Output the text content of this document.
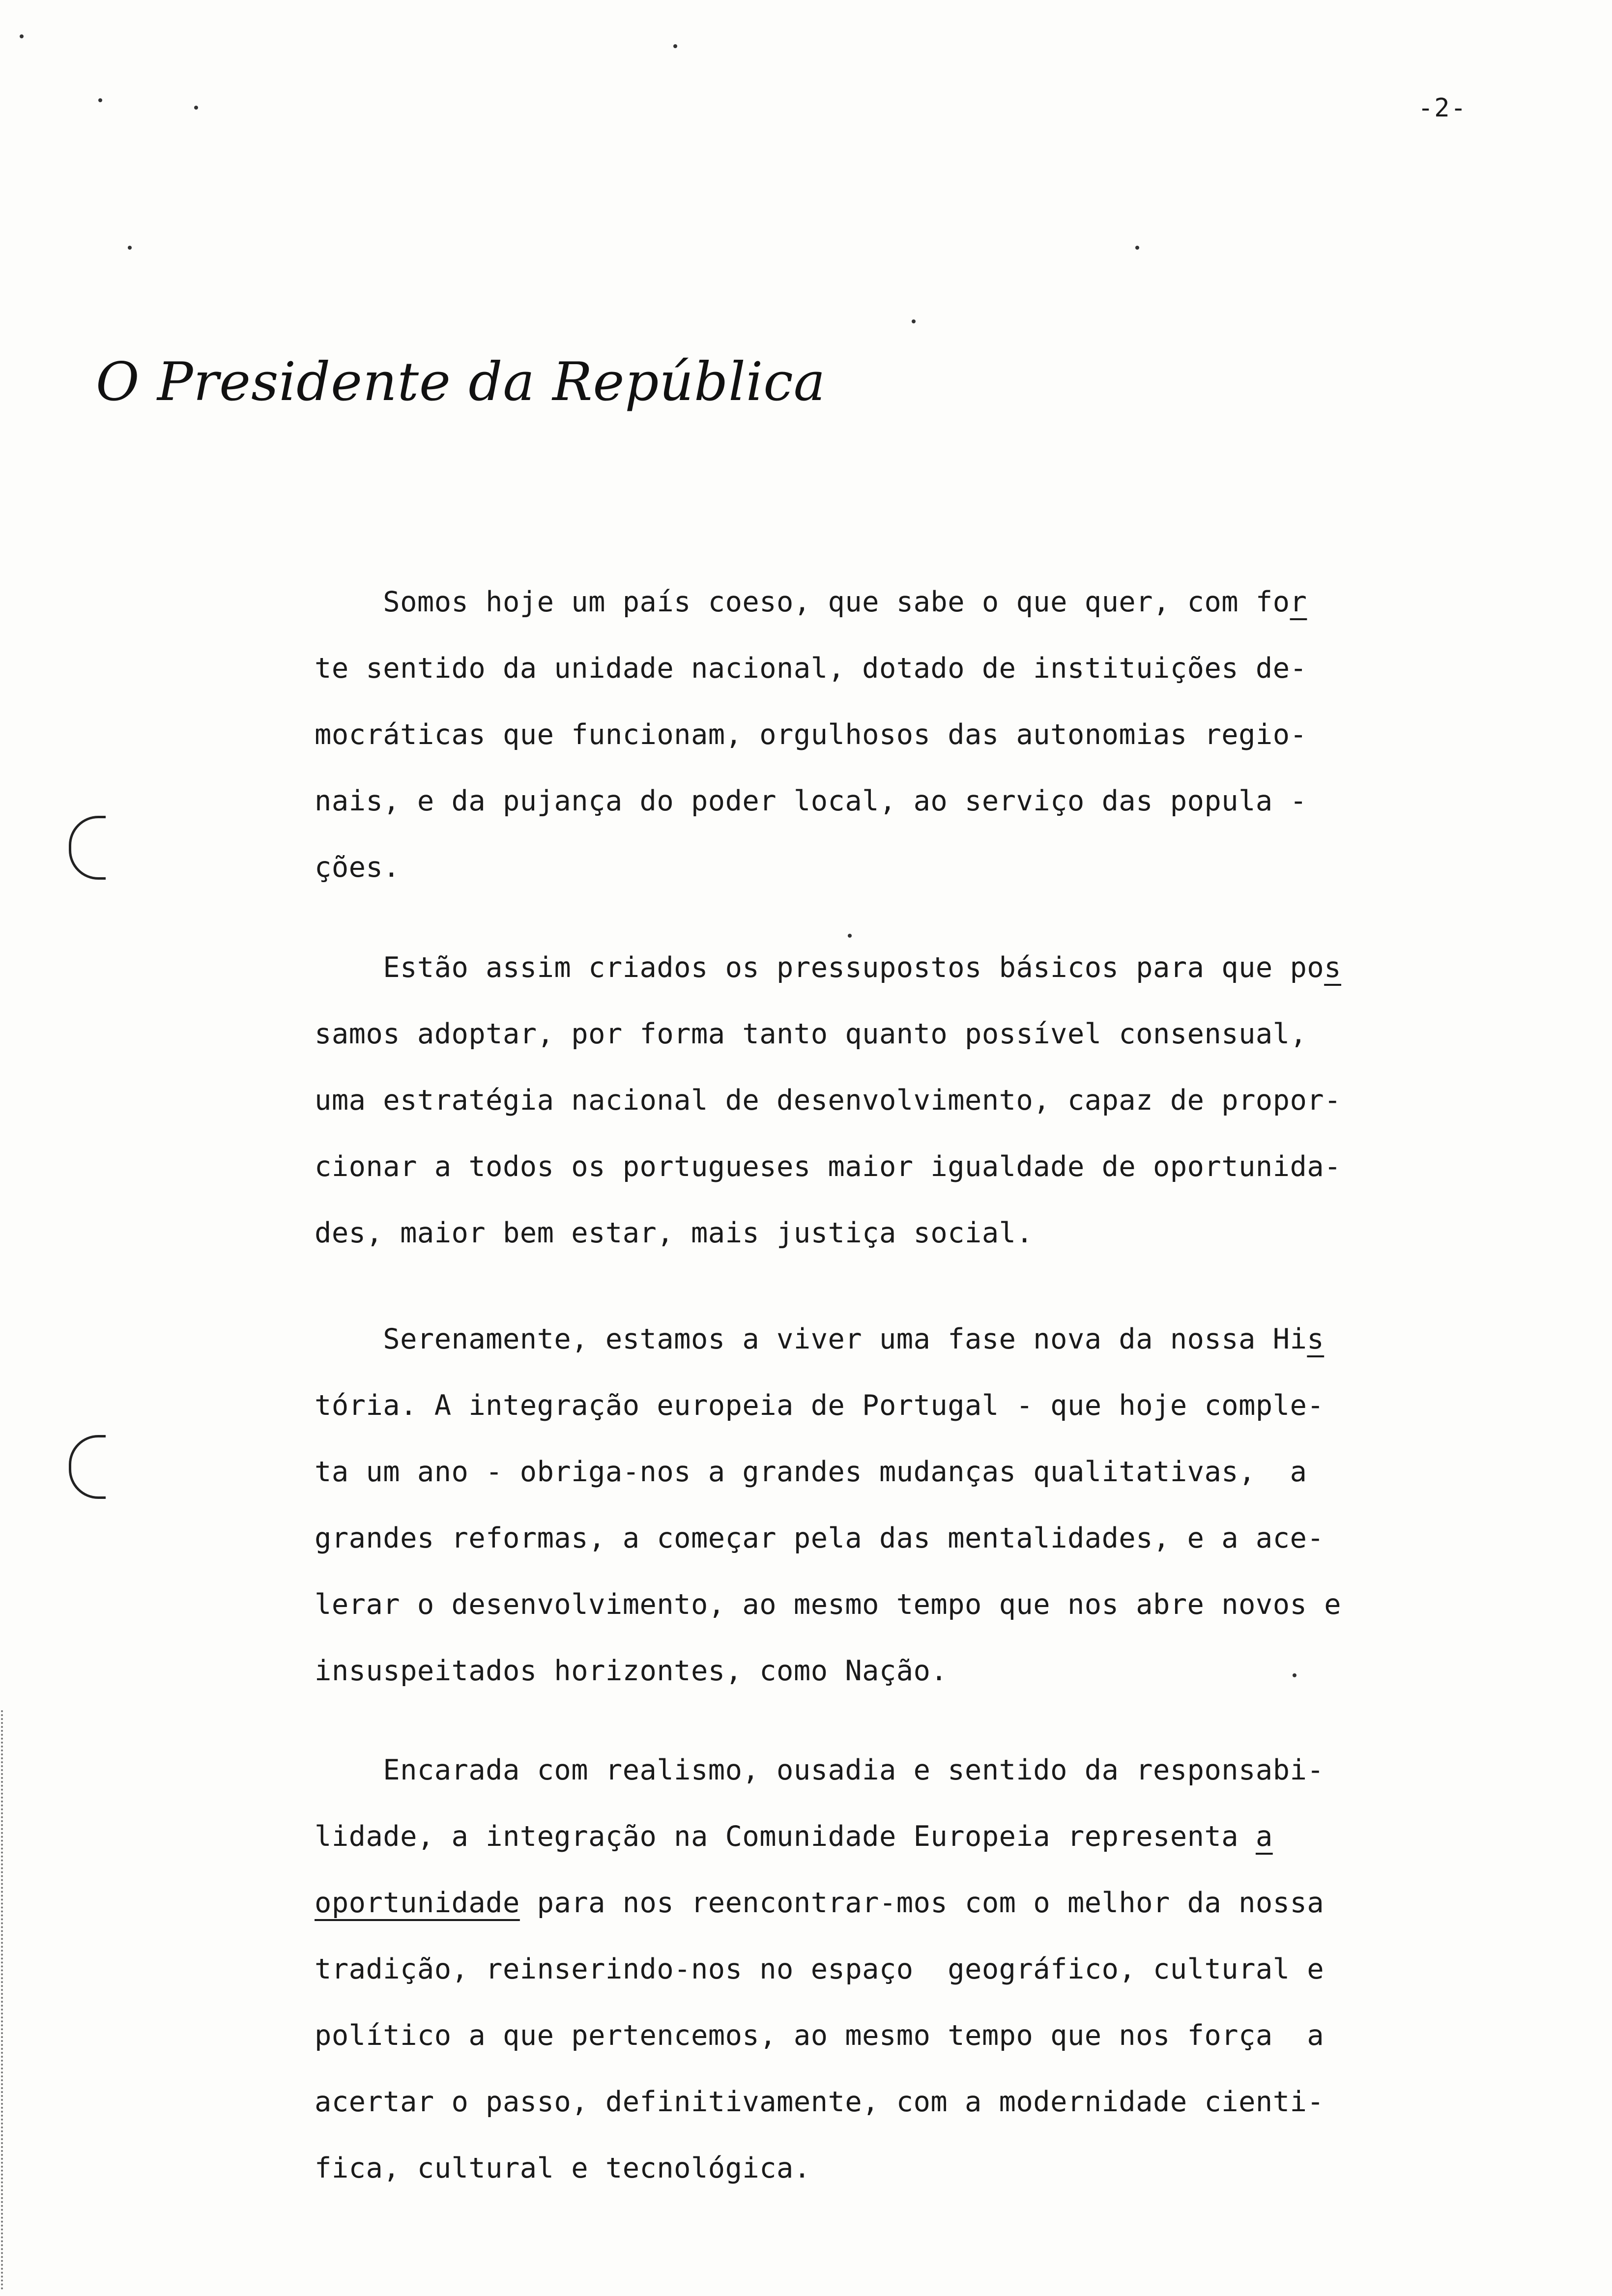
-2-
O Presidente da República
Somos hoje um país coeso, que sabe o que quer, com for
te sentido da unidade nacional, dotado de instituições de-
mocráticas que funcionam, orgulhosos das autonomias regio-
nais, e da pujança do poder local, ao serviço das popula -
ções.
Estão assim criados os pressupostos básicos para que pos
samos adoptar, por forma tanto quanto possível consensual,
uma estratégia nacional de desenvolvimento, capaz de propor-
cionar a todos os portugueses maior igualdade de oportunida-
des, maior bem estar, mais justiça social.
Serenamente, estamos a viver uma fase nova da nossa His
tória. A integração europeia de Portugal - que hoje comple-
ta um ano - obriga-nos a grandes mudanças qualitativas,  a
grandes reformas, a começar pela das mentalidades, e a ace-
lerar o desenvolvimento, ao mesmo tempo que nos abre novos e
insuspeitados horizontes, como Nação.
Encarada com realismo, ousadia e sentido da responsabi-
lidade, a integração na Comunidade Europeia representa a
oportunidade para nos reencontrar-mos com o melhor da nossa
tradição, reinserindo-nos no espaço  geográfico, cultural e
político a que pertencemos, ao mesmo tempo que nos força  a
acertar o passo, definitivamente, com a modernidade cienti-
fica, cultural e tecnológica.
